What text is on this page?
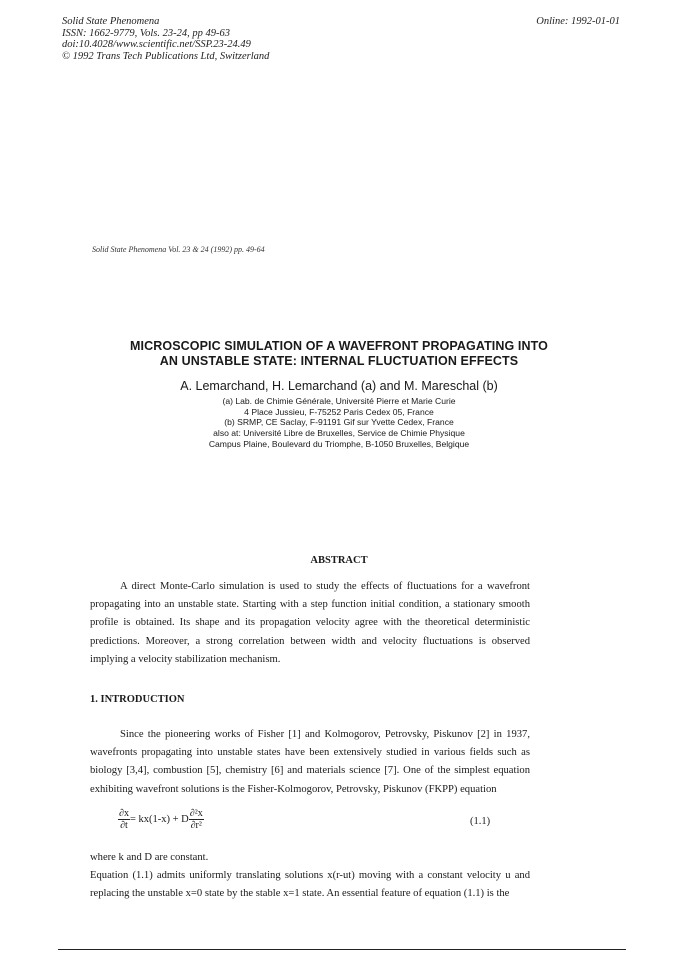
Solid State Phenomena
ISSN: 1662-9779, Vols. 23-24, pp 49-63
doi:10.4028/www.scientific.net/SSP.23-24.49
© 1992 Trans Tech Publications Ltd, Switzerland
Online: 1992-01-01
Solid State Phenomena Vol. 23 & 24 (1992) pp. 49-64
MICROSCOPIC SIMULATION OF A WAVEFRONT PROPAGATING INTO
AN UNSTABLE STATE: INTERNAL FLUCTUATION EFFECTS
A. Lemarchand, H. Lemarchand (a) and M. Mareschal (b)
(a) Lab. de Chimie Générale, Université Pierre et Marie Curie
4 Place Jussieu, F-75252 Paris Cedex 05, France
(b) SRMP, CE Saclay, F-91191 Gif sur Yvette Cedex, France
also at: Université Libre de Bruxelles, Service de Chimie Physique
Campus Plaine, Boulevard du Triomphe, B-1050 Bruxelles, Belgique
ABSTRACT

A direct Monte-Carlo simulation is used to study the effects of fluctuations for a wavefront propagating into an unstable state. Starting with a step function initial condition, a stationary smooth profile is obtained. Its shape and its propagation velocity agree with the theoretical deterministic predictions. Moreover, a strong correlation between width and velocity fluctuations is observed implying a velocity stabilization mechanism.

1. INTRODUCTION

Since the pioneering works of Fisher [1] and Kolmogorov, Petrovsky, Piskunov [2] in 1937, wavefronts propagating into unstable states have been extensively studied in various fields such as biology [3,4], combustion [5], chemistry [6] and materials science [7]. One of the simplest equation exhibiting wavefront solutions is the Fisher-Kolmogorov, Petrovsky, Piskunov (FKPP) equation

$\frac{\partial x}{\partial t} = kx(1-x) + D \frac{\text{∂²x}}{\text{∂r²}}$	(1.1)
where k and D are constant.
Equation (1.1) admits uniformly translating solutions x(r-ut) moving with a constant velocity u and replacing the unstable x=0 state by the stable x=1 state. An essential feature of equation (1.1) is the
